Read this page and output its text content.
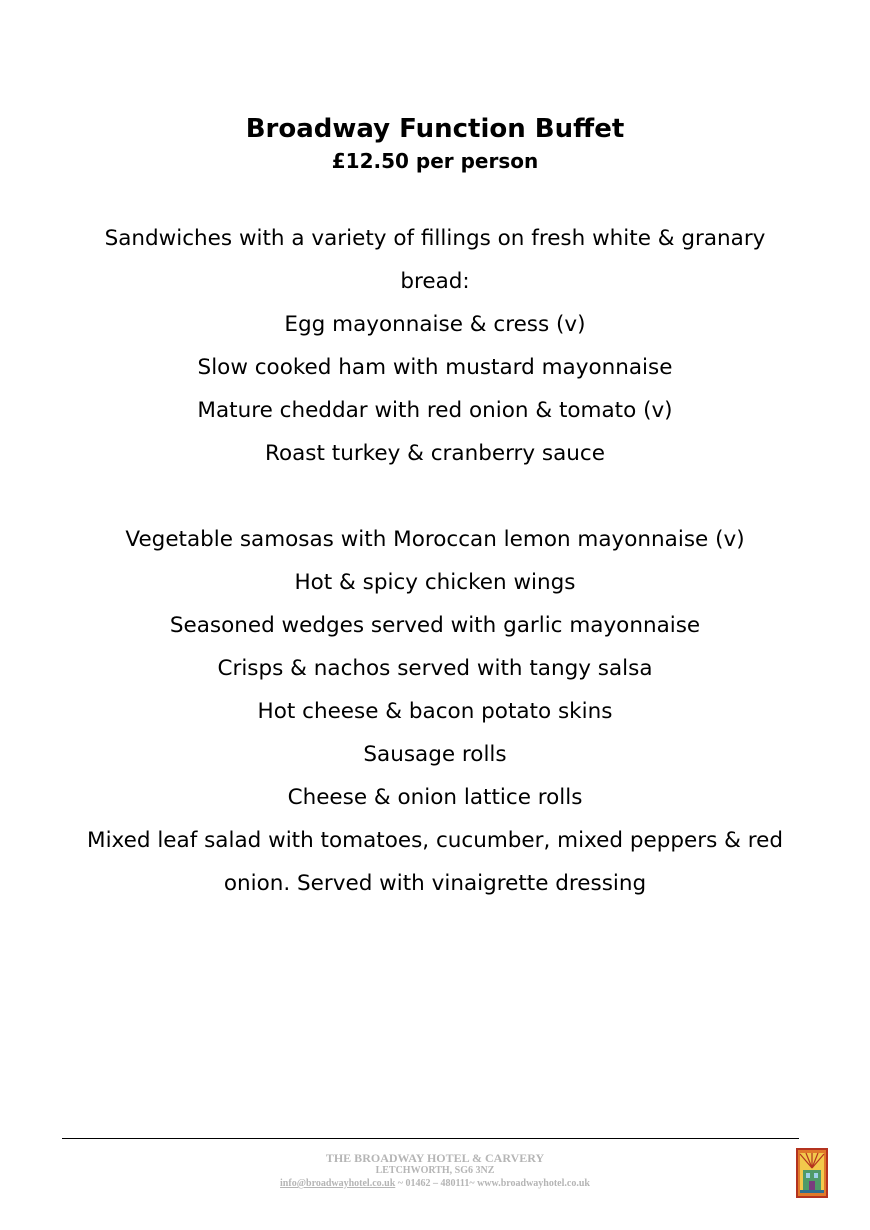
Broadway Function Buffet
£12.50 per person
Sandwiches with a variety of fillings on fresh white & granary
bread:
Egg mayonnaise & cress (v)
Slow cooked ham with mustard mayonnaise
Mature cheddar with red onion & tomato (v)
Roast turkey & cranberry sauce
Vegetable samosas with Moroccan lemon mayonnaise (v)
Hot & spicy chicken wings
Seasoned wedges served with garlic mayonnaise
Crisps & nachos served with tangy salsa
Hot cheese & bacon potato skins
Sausage rolls
Cheese & onion lattice rolls
Mixed leaf salad with tomatoes, cucumber, mixed peppers & red
onion. Served with vinaigrette dressing
THE BROADWAY HOTEL & CARVERY
LETCHWORTH, SG6 3NZ
info@broadwayhotel.co.uk ~ 01462 – 480111~ www.broadwayhotel.co.uk
